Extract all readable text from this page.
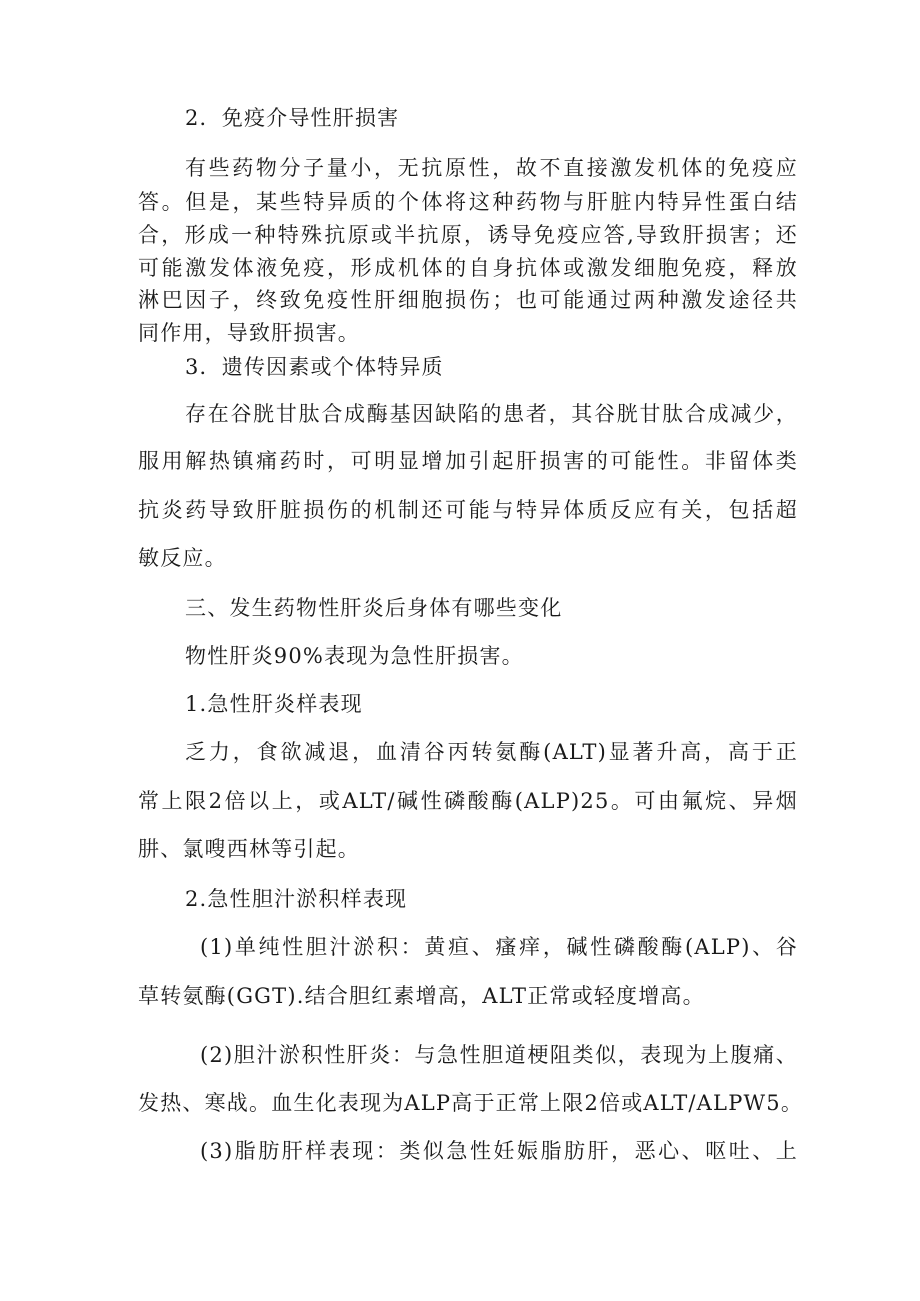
2．免疫介导性肝损害
有些药物分子量小，无抗原性，故不直接激发机体的免疫应
答。但是，某些特异质的个体将这种药物与肝脏内特异性蛋白结
合，形成一种特殊抗原或半抗原，诱导免疫应答,导致肝损害；还
可能激发体液免疫，形成机体的自身抗体或激发细胞免疫，释放
淋巴因子，终致免疫性肝细胞损伤；也可能通过两种激发途径共
同作用，导致肝损害。
3．遗传因素或个体特异质
存在谷胱甘肽合成酶基因缺陷的患者，其谷胱甘肽合成减少，
服用解热镇痛药时，可明显增加引起肝损害的可能性。非留体类
抗炎药导致肝脏损伤的机制还可能与特异体质反应有关，包括超
敏反应。
三、发生药物性肝炎后身体有哪些变化
物性肝炎90%表现为急性肝损害。
1.急性肝炎样表现
乏力，食欲减退，血清谷丙转氨酶(ALT)显著升高，高于正
常上限2倍以上，或ALT/碱性磷酸酶(ALP)25。可由氟烷、异烟
肼、氯嗖西林等引起。
2.急性胆汁淤积样表现
(1)单纯性胆汁淤积：黄疸、瘙痒，碱性磷酸酶(ALP)、谷
草转氨酶(GGT).结合胆红素增高，ALT正常或轻度增高。
(2)胆汁淤积性肝炎：与急性胆道梗阻类似，表现为上腹痛、
发热、寒战。血生化表现为ALP高于正常上限2倍或ALT/ALPW5。
(3)脂肪肝样表现：类似急性妊娠脂肪肝，恶心、呕吐、上
